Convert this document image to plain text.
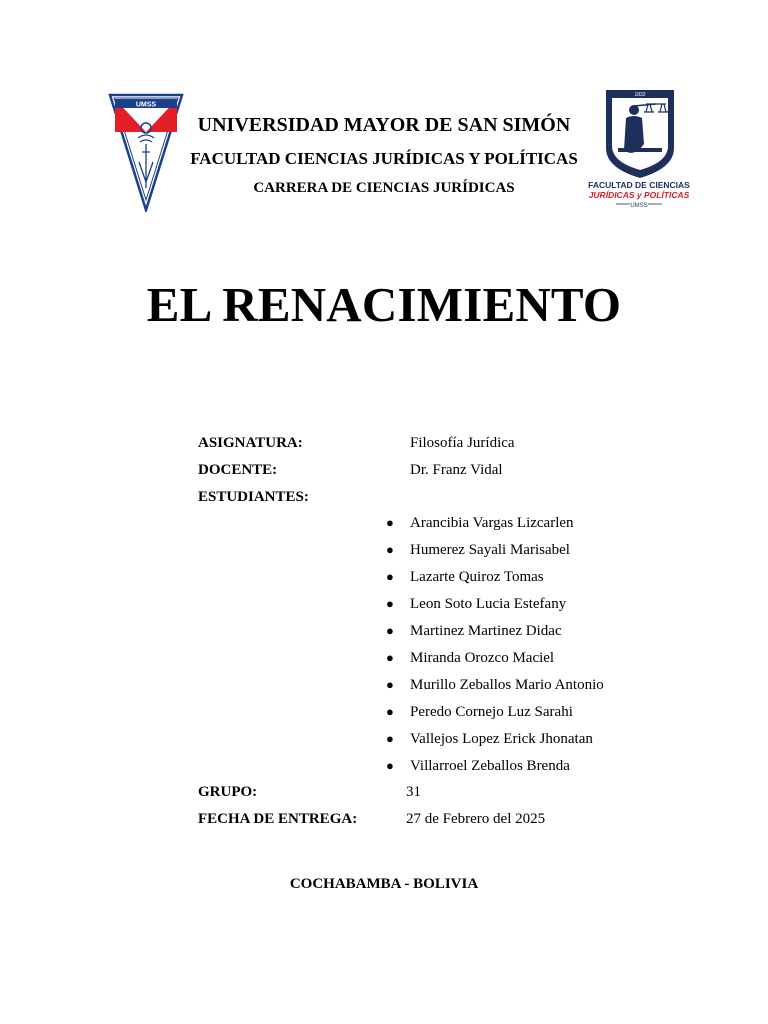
UMSS
UNIVERSIDAD MAYOR DE SAN SIMÓN
FACULTAD CIENCIAS JURÍDICAS Y POLÍTICAS
CARRERA DE CIENCIAS JURÍDICAS
1832
FACULTAD DE CIENCIAS
JURÍDICAS y POLÍTICAS
UMSS
EL RENACIMIENTO
ASIGNATURA:	Filosofía Jurídica
DOCENTE:	Dr. Franz Vidal
ESTUDIANTES:
● Arancibia Vargas Lizcarlen
● Humerez Sayali Marisabel
● Lazarte Quiroz Tomas
● Leon Soto Lucia Estefany
● Martinez Martinez Didac
● Miranda Orozco Maciel
● Murillo Zeballos Mario Antonio
● Peredo Cornejo Luz Sarahi
● Vallejos Lopez Erick Jhonatan
● Villarroel Zeballos Brenda
GRUPO:	31
FECHA DE ENTREGA:	27 de Febrero del 2025
COCHABAMBA - BOLIVIA
